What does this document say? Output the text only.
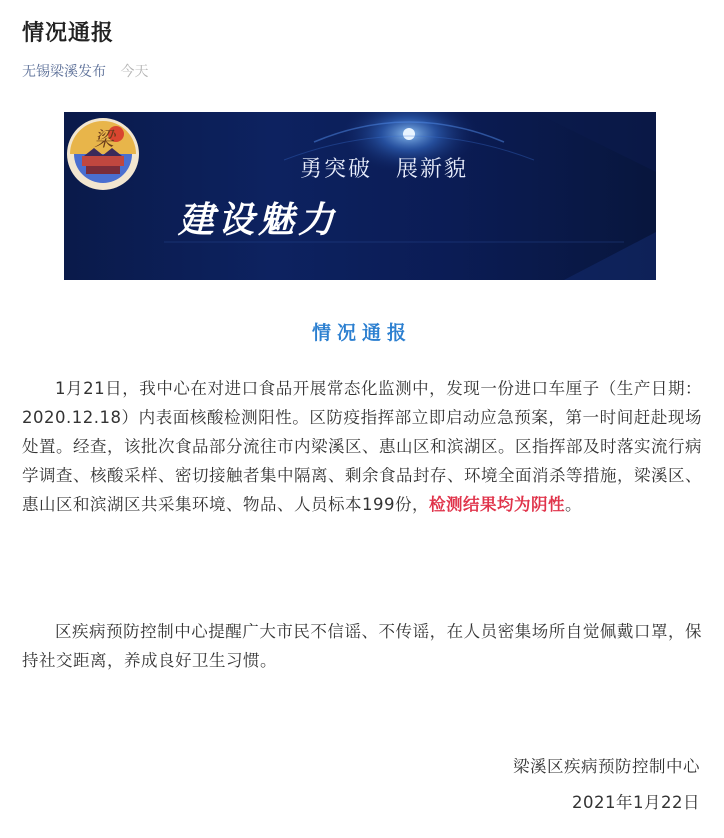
情况通报
无锡梁溪发布 今天
梁
勇突破　展新貌
建设魅力
情况通报

1月21日，我中心在对进口食品开展常态化监测中，发现一份进口车厘子（生产日期：2020.12.18）内表面核酸检测阳性。区防疫指挥部立即启动应急预案，第一时间赶赴现场处置。经查，该批次食品部分流往市内梁溪区、惠山区和滨湖区。区指挥部及时落实流行病学调查、核酸采样、密切接触者集中隔离、剩余食品封存、环境全面消杀等措施，梁溪区、惠山区和滨湖区共采集环境、物品、人员标本199份，检测结果均为阴性。

区疾病预防控制中心提醒广大市民不信谣、不传谣，在人员密集场所自觉佩戴口罩，保持社交距离，养成良好卫生习惯。

梁溪区疾病预防控制中心
2021年1月22日
